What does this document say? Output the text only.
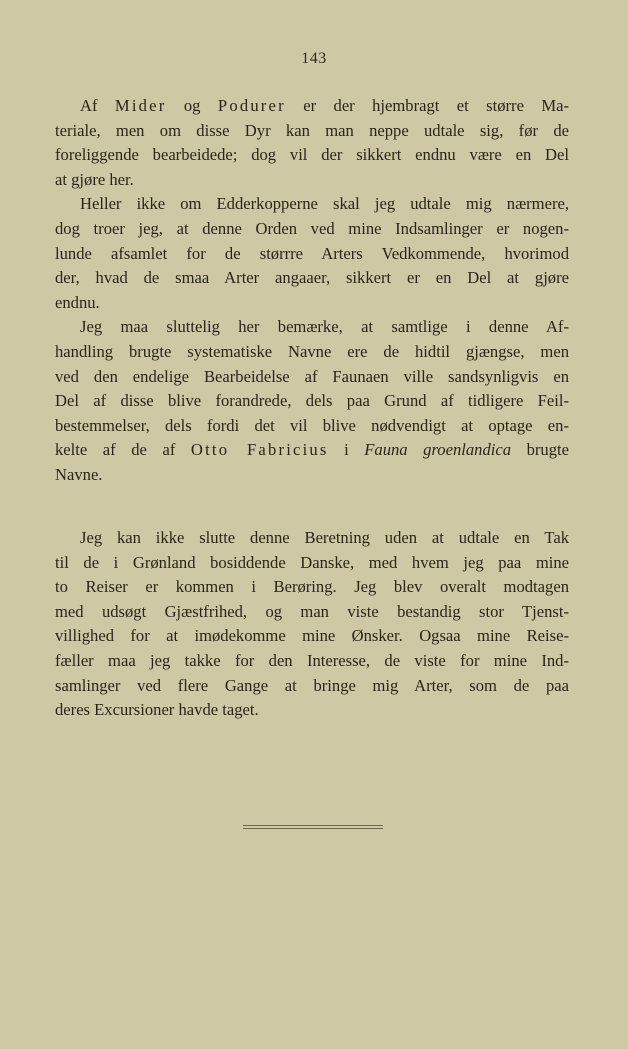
143
Af Mider og Podurer er der hjembragt et større Ma-
teriale, men om disse Dyr kan man neppe udtale sig, før de
foreliggende bearbeidede; dog vil der sikkert endnu være en Del
at gjøre her.
Heller ikke om Edderkopperne skal jeg udtale mig nærmere,
dog troer jeg, at denne Orden ved mine Indsamlinger er nogen-
lunde afsamlet for de størrre Arters Vedkommende, hvorimod
der, hvad de smaa Arter angaaer, sikkert er en Del at gjøre
endnu.
Jeg maa sluttelig her bemærke, at samtlige i denne Af-
handling brugte systematiske Navne ere de hidtil gjængse, men
ved den endelige Bearbeidelse af Faunaen ville sandsynligvis en
Del af disse blive forandrede, dels paa Grund af tidligere Feil-
bestemmelser, dels fordi det vil blive nødvendigt at optage en-
kelte af de af Otto Fabricius i Fauna groenlandica brugte
Navne.
Jeg kan ikke slutte denne Beretning uden at udtale en Tak
til de i Grønland bosiddende Danske, med hvem jeg paa mine
to Reiser er kommen i Berøring. Jeg blev overalt modtagen
med udsøgt Gjæstfrihed, og man viste bestandig stor Tjenst-
villighed for at imødekomme mine Ønsker. Ogsaa mine Reise-
fæller maa jeg takke for den Interesse, de viste for mine Ind-
samlinger ved flere Gange at bringe mig Arter, som de paa
deres Excursioner havde taget.
